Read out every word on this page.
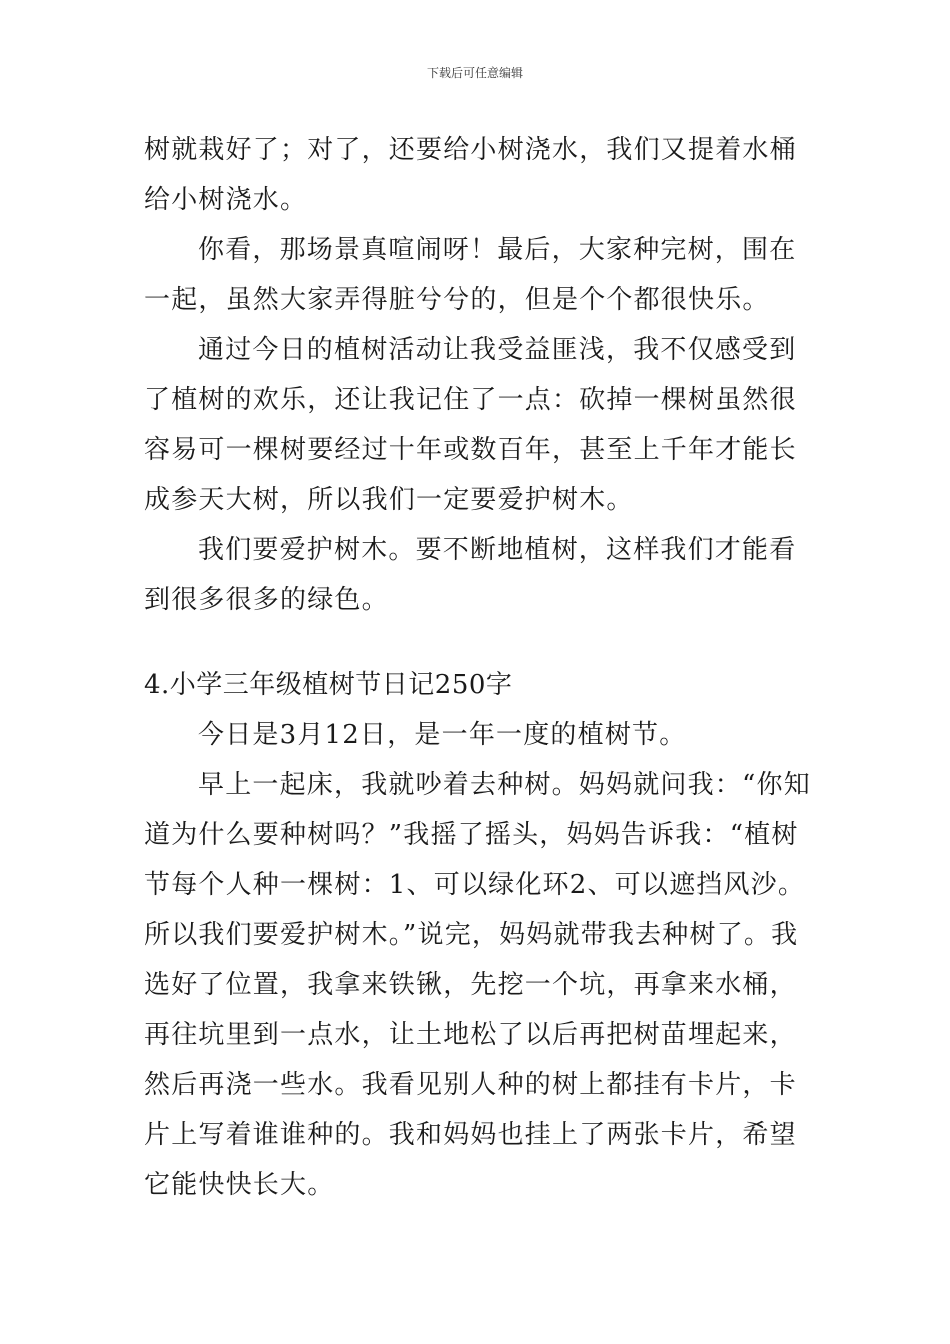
下载后可任意编辑

树就栽好了；对了，还要给小树浇水，我们又提着水桶给小树浇水。

你看，那场景真喧闹呀！最后，大家种完树，围在一起，虽然大家弄得脏兮兮的，但是个个都很快乐。

通过今日的植树活动让我受益匪浅，我不仅感受到了植树的欢乐，还让我记住了一点：砍掉一棵树虽然很容易可一棵树要经过十年或数百年，甚至上千年才能长成参天大树，所以我们一定要爱护树木。

我们要爱护树木。要不断地植树，这样我们才能看到很多很多的绿色。

4.小学三年级植树节日记250字

今日是3月12日，是一年一度的植树节。

早上一起床，我就吵着去种树。妈妈就问我：“你知道为什么要种树吗？”我摇了摇头，妈妈告诉我：“植树节每个人种一棵树：1、可以绿化环2、可以遮挡风沙。所以我们要爱护树木。”说完，妈妈就带我去种树了。我选好了位置，我拿来铁锹，先挖一个坑，再拿来水桶，再往坑里到一点水，让土地松了以后再把树苗埋起来，然后再浇一些水。我看见别人种的树上都挂有卡片，卡片上写着谁谁种的。我和妈妈也挂上了两张卡片，希望它能快快长大。
